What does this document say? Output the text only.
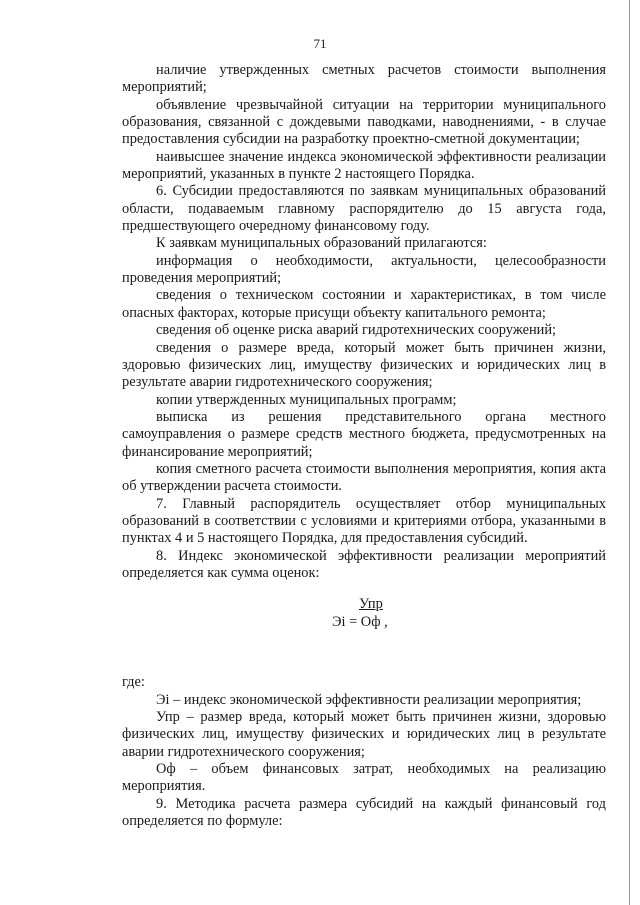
71

наличие утвержденных сметных расчетов стоимости выполнения мероприятий;

объявление чрезвычайной ситуации на территории муниципального образования, связанной с дождевыми паводками, наводнениями, - в случае предоставления субсидии на разработку проектно-сметной документации;

наивысшее значение индекса экономической эффективности реализации мероприятий, указанных в пункте 2 настоящего Порядка.

6. Субсидии предоставляются по заявкам муниципальных образований области, подаваемым главному распорядителю до 15 августа года, предшествующего очередному финансовому году.

К заявкам муниципальных образований прилагаются:

информация о необходимости, актуальности, целесообразности проведения мероприятий;

сведения о техническом состоянии и характеристиках, в том числе опасных факторах, которые присущи объекту капитального ремонта;

сведения об оценке риска аварий гидротехнических сооружений;

сведения о размере вреда, который может быть причинен жизни, здоровью физических лиц, имуществу физических и юридических лиц в результате аварии гидротехнического сооружения;

копии утвержденных муниципальных программ;

выписка из решения представительного органа местного самоуправления о размере средств местного бюджета, предусмотренных на финансирование мероприятий;

копия сметного расчета стоимости выполнения мероприятия, копия акта об утверждении расчета стоимости.

7. Главный распорядитель осуществляет отбор муниципальных образований в соответствии с условиями и критериями отбора, указанными в пунктах 4 и 5 настоящего Порядка, для предоставления субсидий.

8. Индекс экономической эффективности реализации мероприятий определяется как сумма оценок:

Упр
Эi = Оф ,

где:

Эi – индекс экономической эффективности реализации мероприятия;

Упр – размер вреда, который может быть причинен жизни, здоровью физических лиц, имуществу физических и юридических лиц в результате аварии гидротехнического сооружения;

Оф – объем финансовых затрат, необходимых на реализацию мероприятия.

9. Методика расчета размера субсидий на каждый финансовый год определяется по формуле:
